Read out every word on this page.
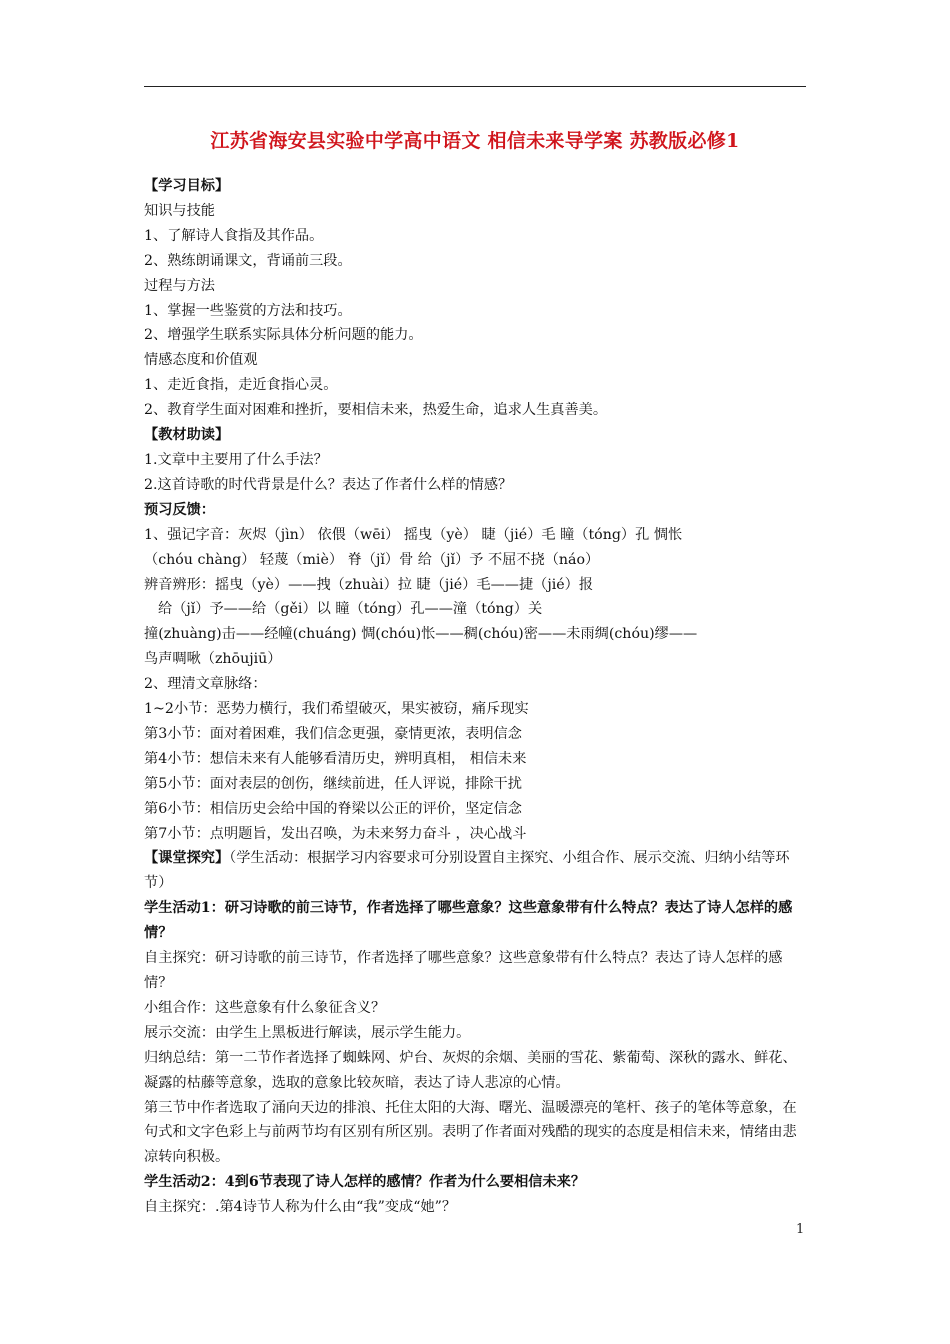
江苏省海安县实验中学高中语文 相信未来导学案 苏教版必修1
【学习目标】
知识与技能
1、了解诗人食指及其作品。
2、熟练朗诵课文，背诵前三段。
过程与方法
1、掌握一些鉴赏的方法和技巧。
2、增强学生联系实际具体分析问题的能力。
情感态度和价值观
1、走近食指，走近食指心灵。
2、教育学生面对困难和挫折，要相信未来，热爱生命，追求人生真善美。
【教材助读】
1.文章中主要用了什么手法？
2.这首诗歌的时代背景是什么？表达了作者什么样的情感？
预习反馈：
1、强记字音：灰烬（jìn） 依偎（wēi） 摇曳（yè） 睫（jié）毛 瞳（tóng）孔 惆怅
（chóu chàng） 轻蔑（miè） 脊（jǐ）骨 给（jǐ）予 不屈不挠（náo）
辨音辨形：摇曳（yè）——拽（zhuài）拉 睫（jié）毛——捷（jié）报
给（jǐ）予——给（gěi）以 瞳（tóng）孔——潼（tóng）关
撞(zhuàng)击——经幢(chuáng) 惆(chóu)怅——稠(chóu)密——未雨绸(chóu)缪——
鸟声啁啾（zhōujiū）
2、理清文章脉络：
1~2小节：恶势力横行，我们希望破灭，果实被窃，痛斥现实
第3小节：面对着困难，我们信念更强，豪情更浓，表明信念
第4小节：想信未来有人能够看清历史，辨明真相， 相信未来
第5小节：面对表层的创伤，继续前进，任人评说，排除干扰
第6小节：相信历史会给中国的脊梁以公正的评价，坚定信念
第7小节：点明题旨，发出召唤，为未来努力奋斗 ，决心战斗
【课堂探究】（学生活动：根据学习内容要求可分别设置自主探究、小组合作、展示交流、归纳小结等环节）
学生活动1：研习诗歌的前三诗节，作者选择了哪些意象？这些意象带有什么特点？表达了诗人怎样的感情？
自主探究：研习诗歌的前三诗节，作者选择了哪些意象？这些意象带有什么特点？表达了诗人怎样的感情？
小组合作：这些意象有什么象征含义？
展示交流：由学生上黑板进行解读，展示学生能力。
归纳总结：第一二节作者选择了蜘蛛网、炉台、灰烬的余烟、美丽的雪花、紫葡萄、深秋的露水、鲜花、凝露的枯藤等意象，选取的意象比较灰暗，表达了诗人悲凉的心情。
第三节中作者选取了涌向天边的排浪、托住太阳的大海、曙光、温暖漂亮的笔杆、孩子的笔体等意象，在句式和文字色彩上与前两节均有区别有所区别。表明了作者面对残酷的现实的态度是相信未来，情绪由悲凉转向积极。
学生活动2：4到6节表现了诗人怎样的感情？作者为什么要相信未来？
自主探究：.第4诗节人称为什么由“我”变成“她”？
1
